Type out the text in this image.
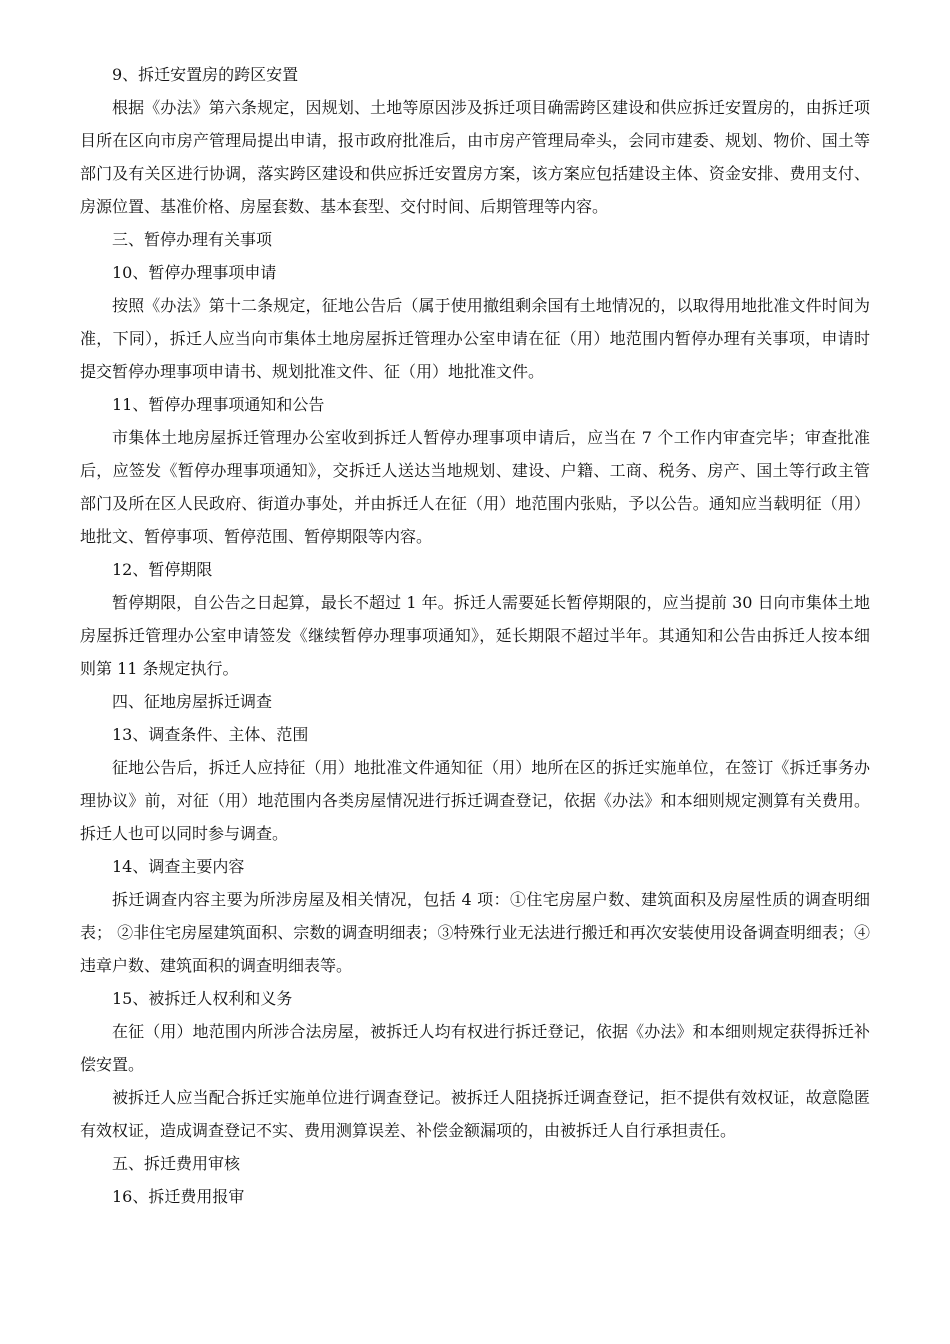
9、拆迁安置房的跨区安置

根据《办法》第六条规定，因规划、土地等原因涉及拆迁项目确需跨区建设和供应拆迁安置房的，由拆迁项目所在区向市房产管理局提出申请，报市政府批准后，由市房产管理局牵头，会同市建委、规划、物价、国土等部门及有关区进行协调，落实跨区建设和供应拆迁安置房方案，该方案应包括建设主体、资金安排、费用支付、房源位置、基准价格、房屋套数、基本套型、交付时间、后期管理等内容。

三、暂停办理有关事项

10、暂停办理事项申请

按照《办法》第十二条规定，征地公告后（属于使用撤组剩余国有土地情况的，以取得用地批准文件时间为准，下同），拆迁人应当向市集体土地房屋拆迁管理办公室申请在征（用）地范围内暂停办理有关事项，申请时提交暂停办理事项申请书、规划批准文件、征（用）地批准文件。

11、暂停办理事项通知和公告

市集体土地房屋拆迁管理办公室收到拆迁人暂停办理事项申请后，应当在 7 个工作内审查完毕；审查批准后，应签发《暂停办理事项通知》，交拆迁人送达当地规划、建设、户籍、工商、税务、房产、国土等行政主管部门及所在区人民政府、街道办事处，并由拆迁人在征（用）地范围内张贴，予以公告。通知应当载明征（用）地批文、暂停事项、暂停范围、暂停期限等内容。

12、暂停期限

暂停期限，自公告之日起算，最长不超过 1 年。拆迁人需要延长暂停期限的，应当提前 30 日向市集体土地房屋拆迁管理办公室申请签发《继续暂停办理事项通知》，延长期限不超过半年。其通知和公告由拆迁人按本细则第 11 条规定执行。

四、征地房屋拆迁调查

13、调查条件、主体、范围

征地公告后，拆迁人应持征（用）地批准文件通知征（用）地所在区的拆迁实施单位，在签订《拆迁事务办理协议》前，对征（用）地范围内各类房屋情况进行拆迁调查登记，依据《办法》和本细则规定测算有关费用。拆迁人也可以同时参与调查。

14、调查主要内容

拆迁调查内容主要为所涉房屋及相关情况，包括 4 项：①住宅房屋户数、建筑面积及房屋性质的调查明细表； ②非住宅房屋建筑面积、宗数的调查明细表；③特殊行业无法进行搬迁和再次安装使用设备调查明细表；④违章户数、建筑面积的调查明细表等。

15、被拆迁人权利和义务

在征（用）地范围内所涉合法房屋，被拆迁人均有权进行拆迁登记，依据《办法》和本细则规定获得拆迁补偿安置。

被拆迁人应当配合拆迁实施单位进行调查登记。被拆迁人阻挠拆迁调查登记，拒不提供有效权证，故意隐匿有效权证，造成调查登记不实、费用测算误差、补偿金额漏项的，由被拆迁人自行承担责任。

五、拆迁费用审核

16、拆迁费用报审
